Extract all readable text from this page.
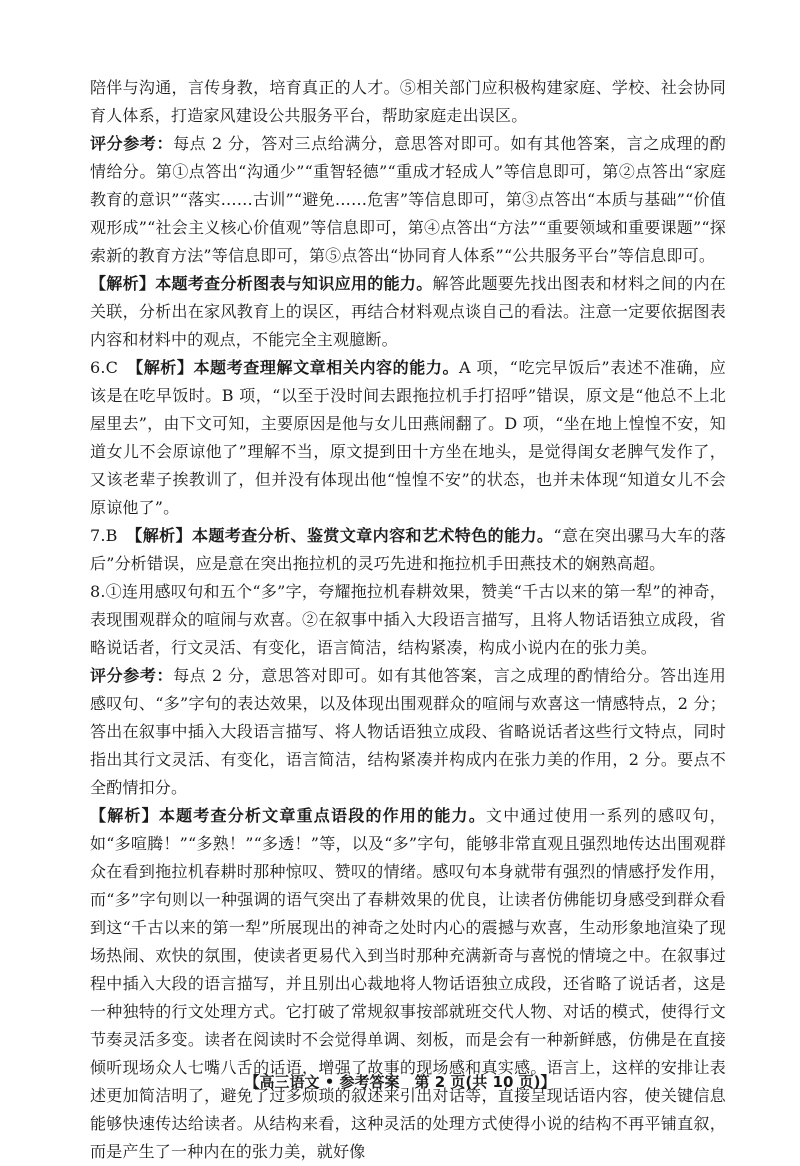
陪伴与沟通，言传身教，培育真正的人才。⑤相关部门应积极构建家庭、学校、社会协同育人体系，打造家风建设公共服务平台，帮助家庭走出误区。

评分参考：每点 2 分，答对三点给满分，意思答对即可。如有其他答案，言之成理的酌情给分。第①点答出“沟通少”“重智轻德”“重成才轻成人”等信息即可，第②点答出“家庭教育的意识”“落实……古训”“避免……危害”等信息即可，第③点答出“本质与基础”“价值观形成”“社会主义核心价值观”等信息即可，第④点答出“方法”“重要领域和重要课题”“探索新的教育方法”等信息即可，第⑤点答出“协同育人体系”“公共服务平台”等信息即可。

【解析】本题考查分析图表与知识应用的能力。解答此题要先找出图表和材料之间的内在关联，分析出在家风教育上的误区，再结合材料观点谈自己的看法。注意一定要依据图表内容和材料中的观点，不能完全主观臆断。

6.C　 【解析】本题考查理解文章相关内容的能力。A 项，“吃完早饭后”表述不准确，应该是在吃早饭时。B 项，“以至于没时间去跟拖拉机手打招呼”错误，原文是“他总不上北屋里去”，由下文可知，主要原因是他与女儿田燕闹翻了。D 项，“坐在地上惶惶不安，知道女儿不会原谅他了”理解不当，原文提到田十方坐在地头，是觉得闺女老脾气发作了，又该老辈子挨教训了，但并没有体现出他“惶惶不安”的状态，也并未体现“知道女儿不会原谅他了”。

7.B　 【解析】本题考查分析、鉴赏文章内容和艺术特色的能力。“意在突出骡马大车的落后”分析错误，应是意在突出拖拉机的灵巧先进和拖拉机手田燕技术的娴熟高超。

8.①连用感叹句和五个“多”字，夸耀拖拉机春耕效果，赞美“千古以来的第一犁”的神奇，表现围观群众的喧闹与欢喜。②在叙事中插入大段语言描写，且将人物话语独立成段，省略说话者，行文灵活、有变化，语言简洁，结构紧凑，构成小说内在的张力美。

评分参考：每点 2 分，意思答对即可。如有其他答案，言之成理的酌情给分。答出连用感叹句、“多”字句的表达效果，以及体现出围观群众的喧闹与欢喜这一情感特点，2 分；答出在叙事中插入大段语言描写、将人物话语独立成段、省略说话者这些行文特点，同时指出其行文灵活、有变化，语言简洁，结构紧凑并构成内在张力美的作用，2 分。要点不全酌情扣分。

【解析】本题考查分析文章重点语段的作用的能力。文中通过使用一系列的感叹句，如“多喧腾！”“多熟！”“多透！”等，以及“多”字句，能够非常直观且强烈地传达出围观群众在看到拖拉机春耕时那种惊叹、赞叹的情绪。感叹句本身就带有强烈的情感抒发作用，而“多”字句则以一种强调的语气突出了春耕效果的优良，让读者仿佛能切身感受到群众看到这“千古以来的第一犁”所展现出的神奇之处时内心的震撼与欢喜，生动形象地渲染了现场热闹、欢快的氛围，使读者更易代入到当时那种充满新奇与喜悦的情境之中。在叙事过程中插入大段的语言描写，并且别出心裁地将人物话语独立成段，还省略了说话者，这是一种独特的行文处理方式。它打破了常规叙事按部就班交代人物、对话的模式，使得行文节奏灵活多变。读者在阅读时不会觉得单调、刻板，而是会有一种新鲜感，仿佛是在直接倾听现场众人七嘴八舌的话语，增强了故事的现场感和真实感。语言上，这样的安排让表述更加简洁明了，避免了过多烦琐的叙述来引出对话等，直接呈现话语内容，使关键信息能够快速传达给读者。从结构来看，这种灵活的处理方式使得小说的结构不再平铺直叙，而是产生了一种内在的张力美，就好像

【高三语文 • 参考答案　第 2 页(共 10 页)】
